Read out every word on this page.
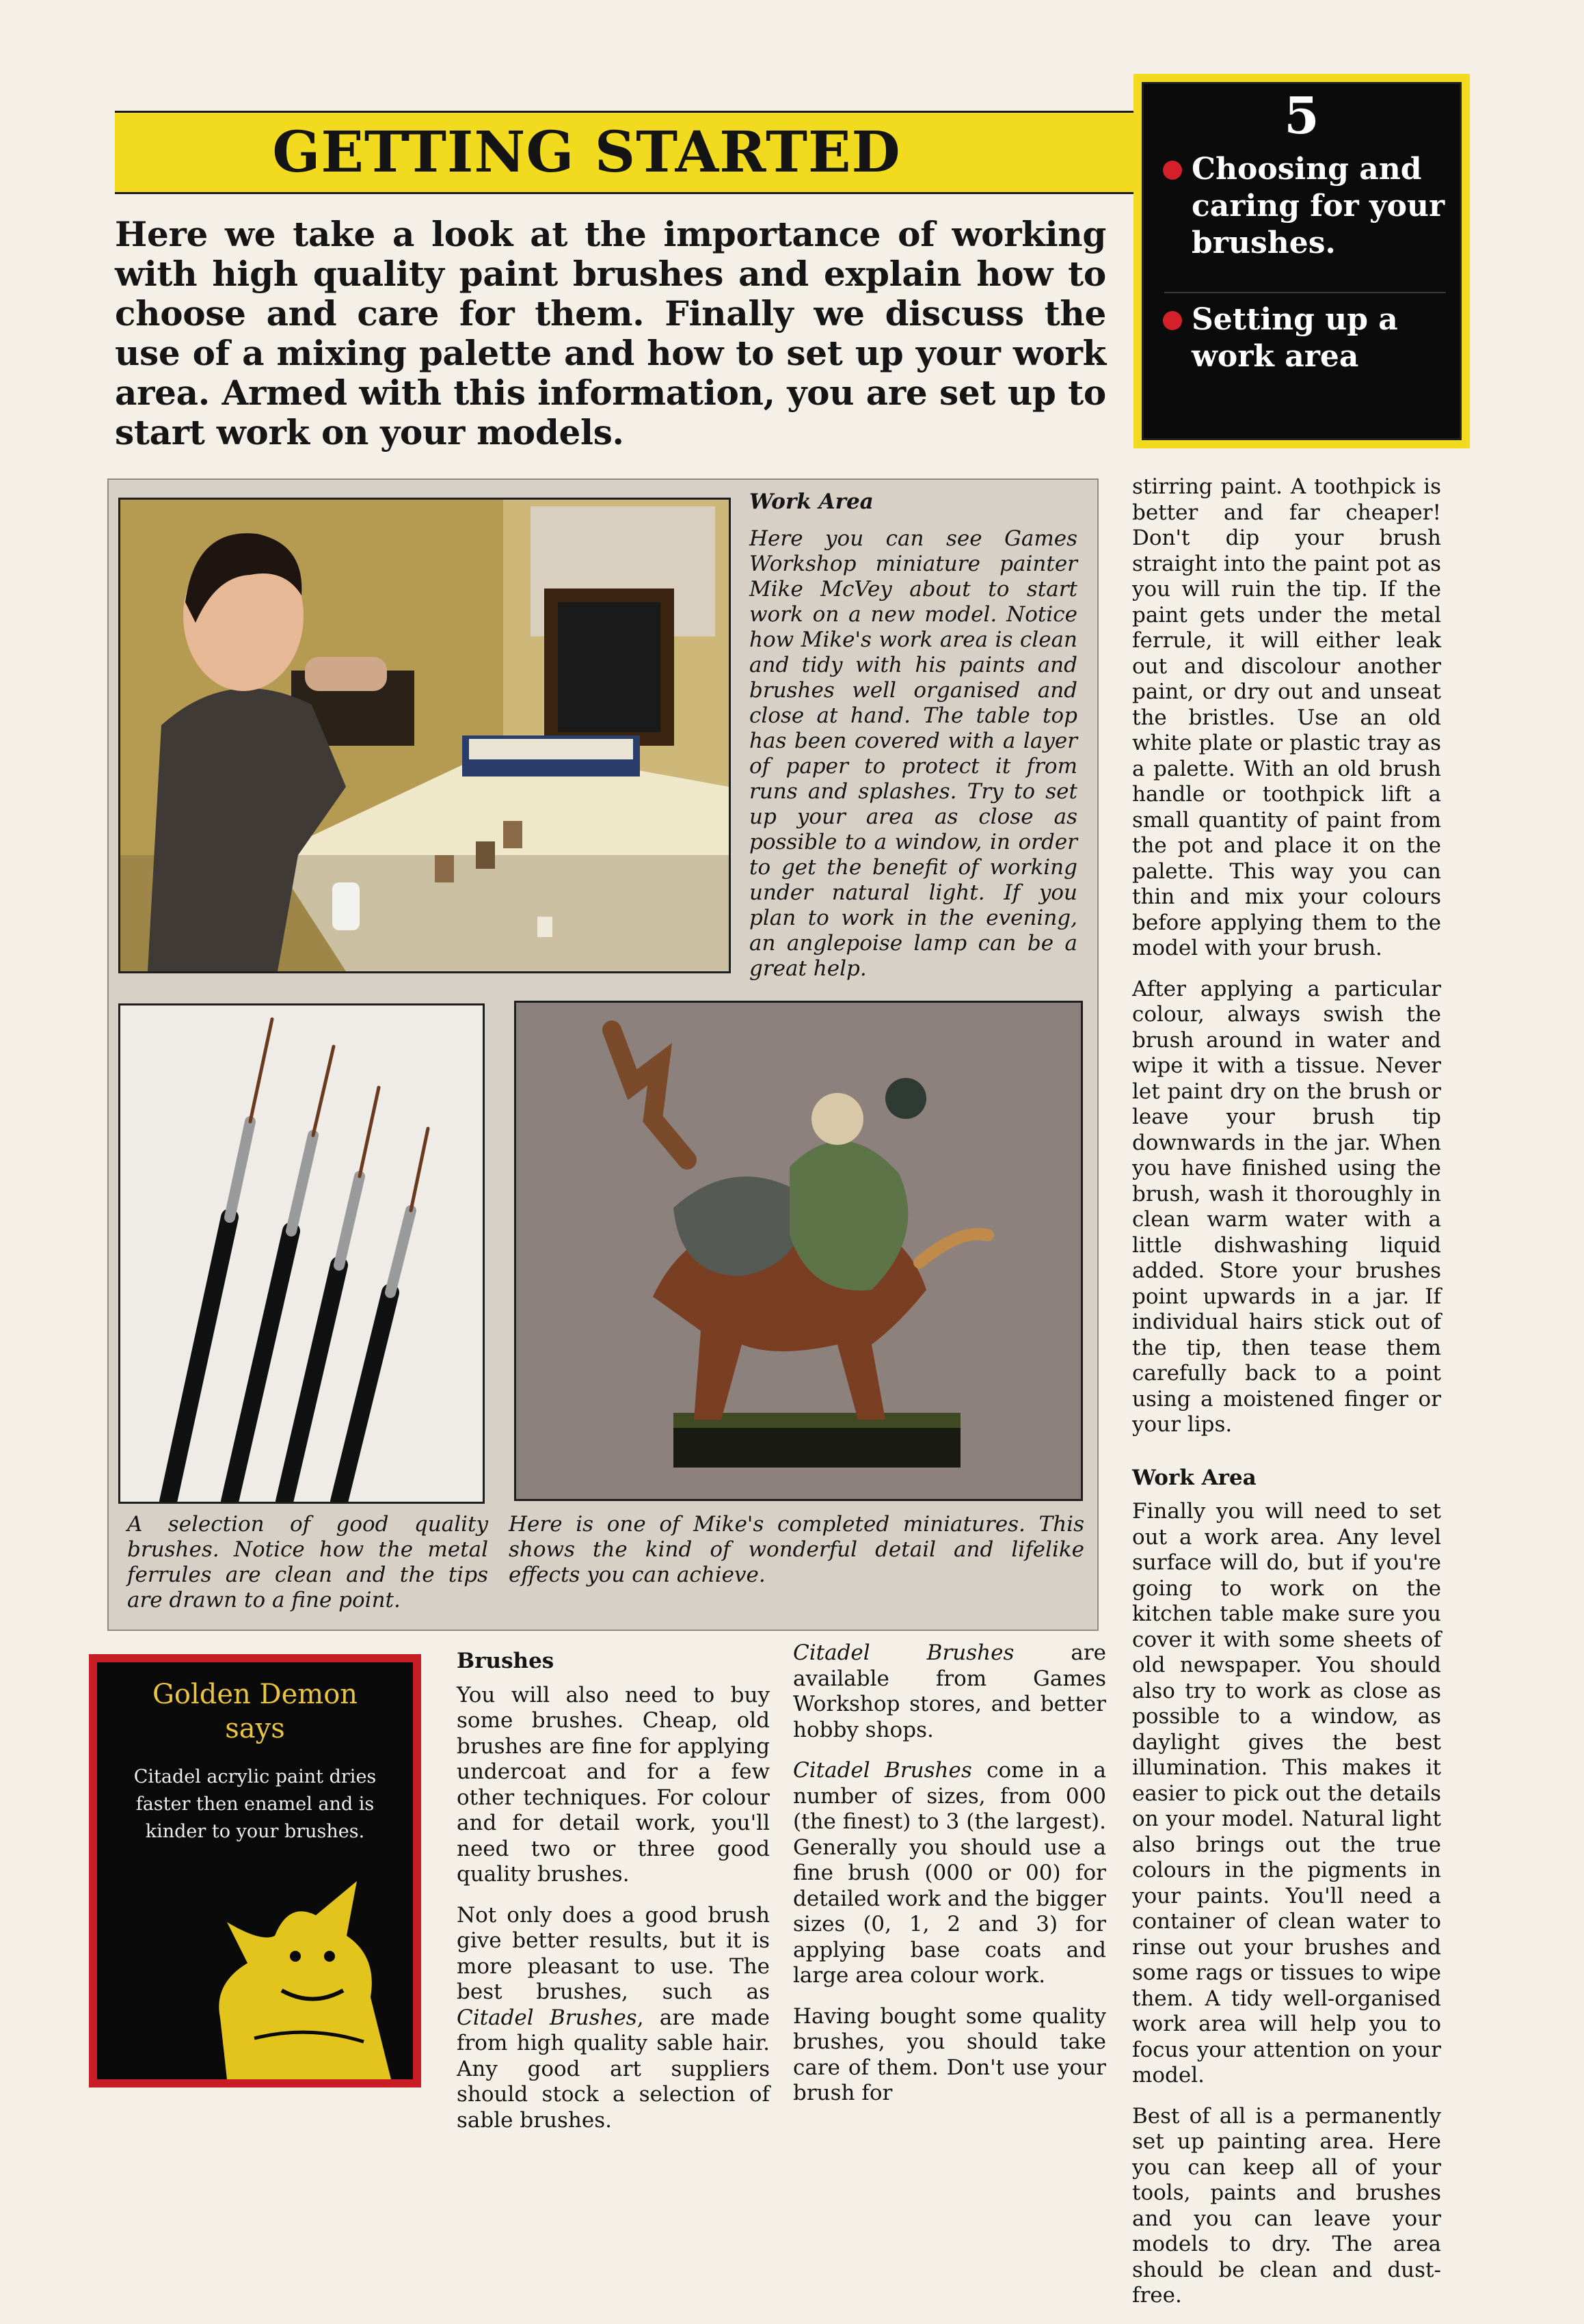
GETTING STARTED
5
Choosing and caring for your brushes.
Setting up a work area
Here we take a look at the importance of working with high quality paint brushes and explain how to choose and care for them. Finally we discuss the use of a mixing palette and how to set up your work area. Armed with this information, you are set up to start work on your models.
Work Area
Here you can see Games Workshop miniature painter Mike McVey about to start work on a new model. Notice how Mike's work area is clean and tidy with his paints and brushes well organised and close at hand. The table top has been covered with a layer of paper to protect it from runs and splashes. Try to set up your area as close as possible to a window, in order to get the benefit of working under natural light. If you plan to work in the evening, an anglepoise lamp can be a great help.
A selection of good quality brushes. Notice how the metal ferrules are clean and the tips are drawn to a fine point.
Here is one of Mike's completed miniatures. This shows the kind of wonderful detail and lifelike effects you can achieve.
Golden Demon
says
Citadel acrylic paint dries faster then enamel and is kinder to your brushes.
Brushes

You will also need to buy some brushes. Cheap, old brushes are fine for applying undercoat and for a few other techniques. For colour and for detail work, you'll need two or three good quality brushes.

Not only does a good brush give better results, but it is more pleasant to use. The best brushes, such as Citadel Brushes, are made from high quality sable hair. Any good art suppliers should stock a selection of sable brushes.

Citadel Brushes are available from Games Workshop stores, and better hobby shops.

Citadel Brushes come in a number of sizes, from 000 (the finest) to 3 (the largest). Generally you should use a fine brush (000 or 00) for detailed work and the bigger sizes (0, 1, 2 and 3) for applying base coats and large area colour work.

Having bought some quality brushes, you should take care of them. Don't use your brush for

stirring paint. A toothpick is better and far cheaper! Don't dip your brush straight into the paint pot as you will ruin the tip. If the paint gets under the metal ferrule, it will either leak out and discolour another paint, or dry out and unseat the bristles. Use an old white plate or plastic tray as a palette. With an old brush handle or toothpick lift a small quantity of paint from the pot and place it on the palette. This way you can thin and mix your colours before applying them to the model with your brush.

After applying a particular colour, always swish the brush around in water and wipe it with a tissue. Never let paint dry on the brush or leave your brush tip downwards in the jar. When you have finished using the brush, wash it thoroughly in clean warm water with a little dishwashing liquid added. Store your brushes point upwards in a jar. If individual hairs stick out of the tip, then tease them carefully back to a point using a moistened finger or your lips.

Work Area

Finally you will need to set out a work area. Any level surface will do, but if you're going to work on the kitchen table make sure you cover it with some sheets of old newspaper. You should also try to work as close as possible to a window, as daylight gives the best illumination. This makes it easier to pick out the details on your model. Natural light also brings out the true colours in the pigments in your paints. You'll need a container of clean water to rinse out your brushes and some rags or tissues to wipe them. A tidy well-organised work area will help you to focus your attention on your model.

Best of all is a permanently set up painting area. Here you can keep all of your tools, paints and brushes and you can leave your models to dry. The area should be clean and dust-free.
